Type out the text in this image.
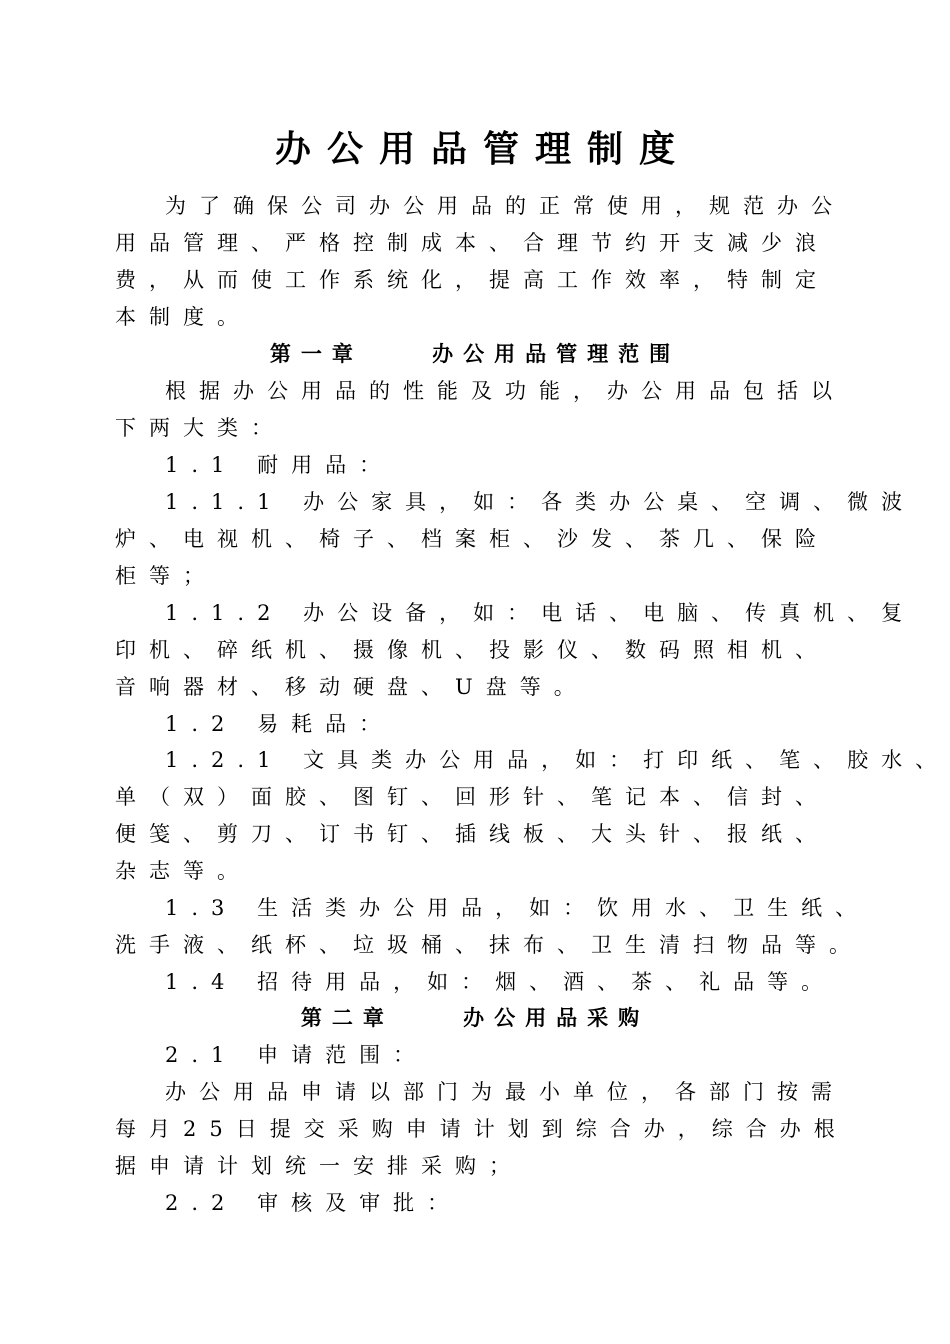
办公用品管理制度
为了确保公司办公用品的正常使用，规范办公
用品管理、严格控制成本、合理节约开支减少浪
费，从而使工作系统化，提高工作效率，特制定
本制度。
第一章    办公用品管理范围
根据办公用品的性能及功能，办公用品包括以
下两大类：
1.1 耐用品：
1.1.1 办公家具，如：各类办公桌、空调、微波
炉、电视机、椅子、档案柜、沙发、茶几、保险
柜等；
1.1.2 办公设备，如：电话、电脑、传真机、复
印机、碎纸机、摄像机、投影仪、数码照相机、
音响器材、移动硬盘、U盘等。
1.2 易耗品：
1.2.1 文具类办公用品，如：打印纸、笔、胶水、
单（双）面胶、图钉、回形针、笔记本、信封、
便笺、剪刀、订书钉、插线板、大头针、报纸、
杂志等。
1.3 生活类办公用品，如：饮用水、卫生纸、
洗手液、纸杯、垃圾桶、抹布、卫生清扫物品等。
1.4 招待用品，如：烟、酒、茶、礼品等。
第二章    办公用品采购
2.1 申请范围：
办公用品申请以部门为最小单位，各部门按需
每月25日提交采购申请计划到综合办，综合办根
据申请计划统一安排采购；
2.2 审核及审批：
